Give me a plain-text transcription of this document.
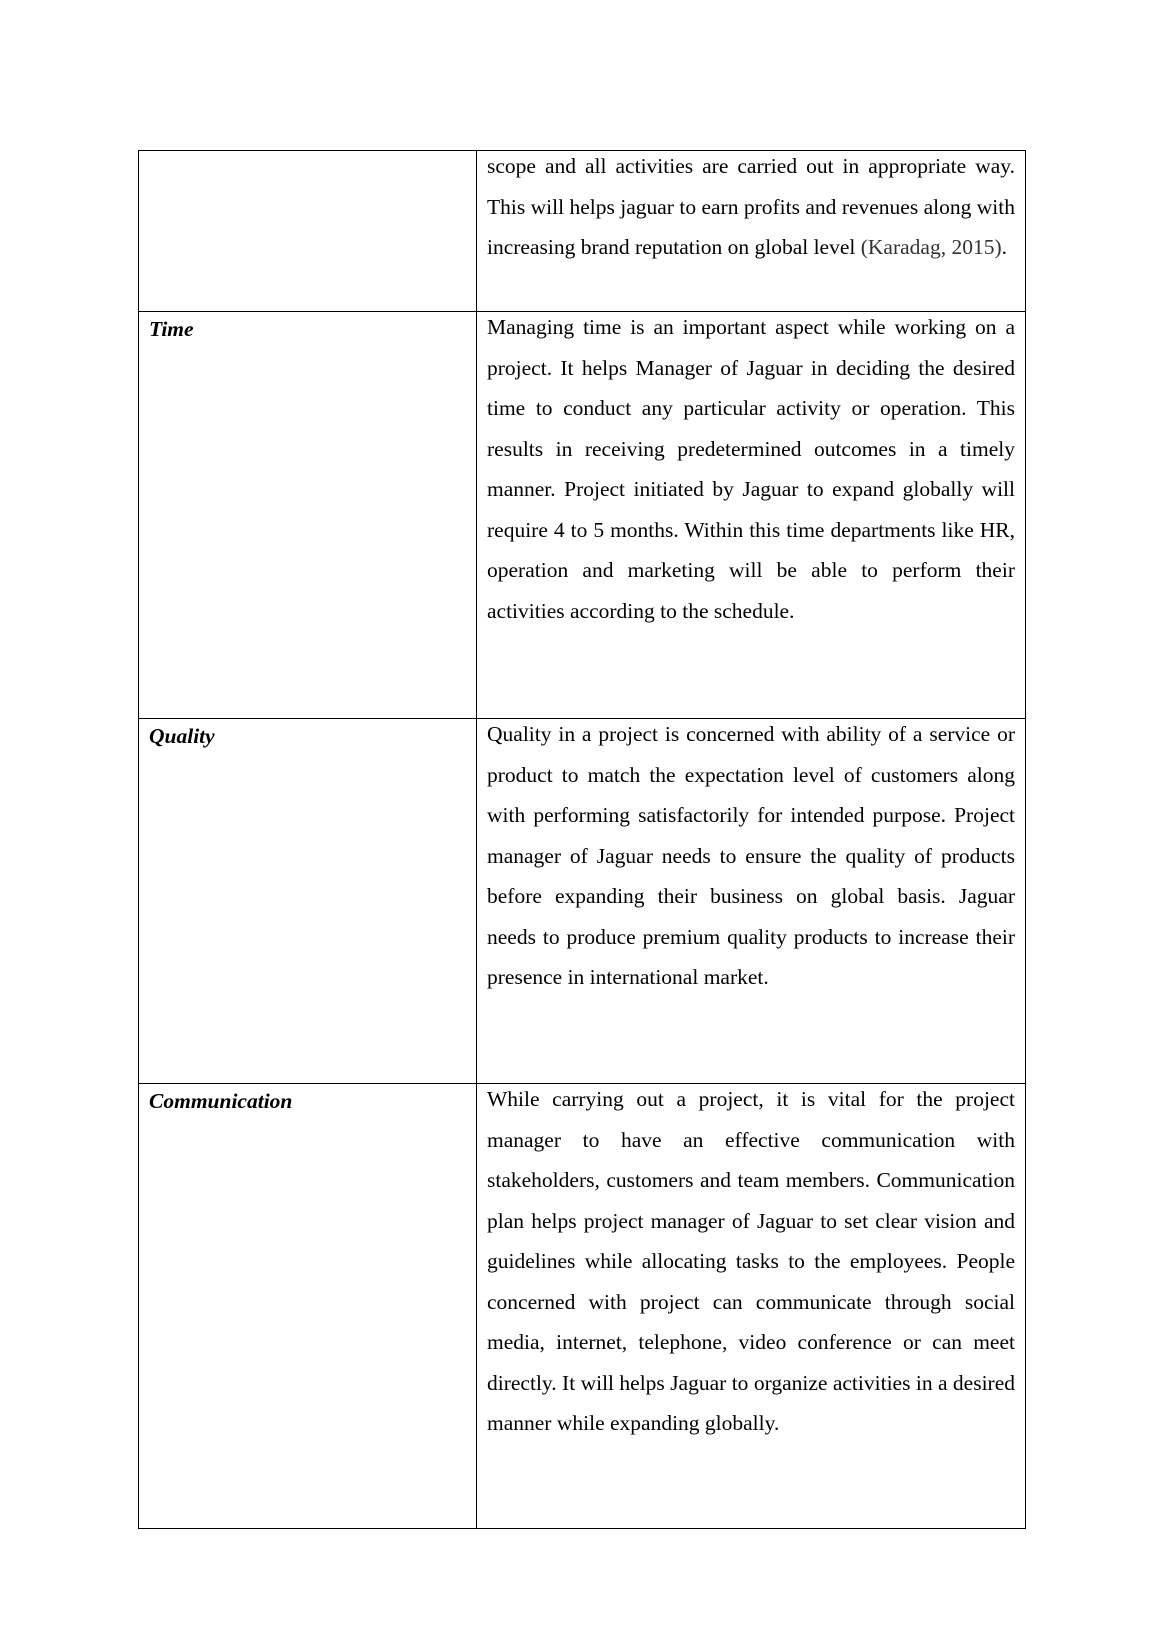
	scope and all activities are carried out in appropriate way. This will helps jaguar to earn profits and revenues along with increasing brand reputation on global level (Karadag, 2015).

Time	Managing time is an important aspect while working on a project. It helps Manager of Jaguar in deciding the desired time to conduct any particular activity or operation. This results in receiving predetermined outcomes in a timely manner. Project initiated by Jaguar to expand globally will require 4 to 5 months. Within this time departments like HR, operation and marketing will be able to perform their activities according to the schedule.

Quality	Quality in a project is concerned with ability of a service or product to match the expectation level of customers along with performing satisfactorily for intended purpose. Project manager of Jaguar needs to ensure the quality of products before expanding their business on global basis. Jaguar needs to produce premium quality products to increase their presence in international market.

Communication	While carrying out a project, it is vital for the project manager to have an effective communication with stakeholders, customers and team members. Communication plan helps project manager of Jaguar to set clear vision and guidelines while allocating tasks to the employees. People concerned with project can communicate through social media, internet, telephone, video conference or can meet directly. It will helps Jaguar to organize activities in a desired manner while expanding globally.
